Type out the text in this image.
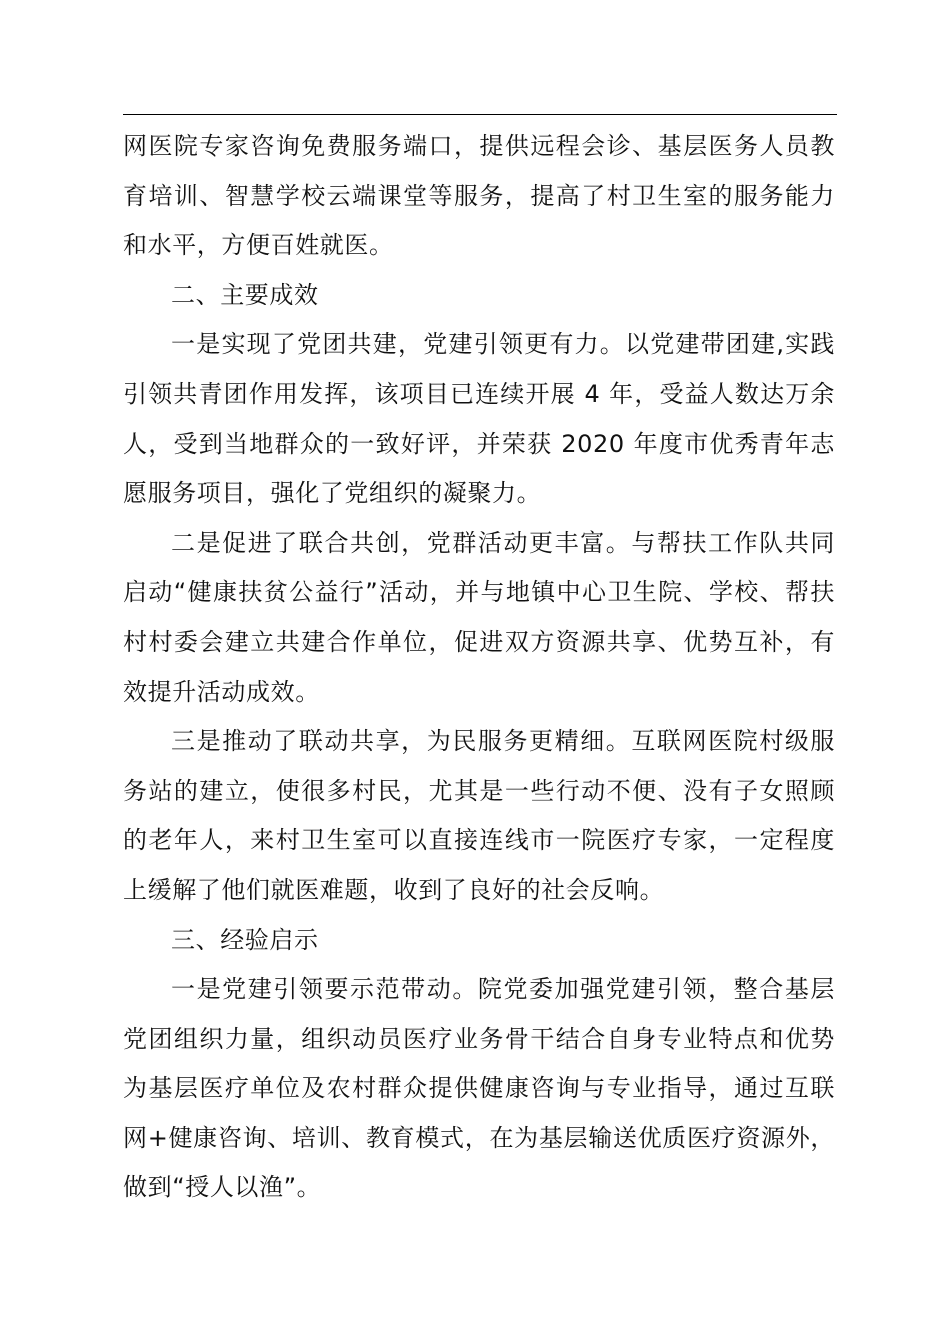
网医院专家咨询免费服务端口，提供远程会诊、基层医务人员教育培训、智慧学校云端课堂等服务，提高了村卫生室的服务能力和水平，方便百姓就医。

二、主要成效

一是实现了党团共建，党建引领更有力。以党建带团建,实践引领共青团作用发挥，该项目已连续开展 4 年，受益人数达万余人，受到当地群众的一致好评，并荣获 2020 年度市优秀青年志愿服务项目，强化了党组织的凝聚力。

二是促进了联合共创，党群活动更丰富。与帮扶工作队共同启动“健康扶贫公益行”活动，并与地镇中心卫生院、学校、帮扶村村委会建立共建合作单位，促进双方资源共享、优势互补，有效提升活动成效。

三是推动了联动共享，为民服务更精细。互联网医院村级服务站的建立，使很多村民，尤其是一些行动不便、没有子女照顾的老年人，来村卫生室可以直接连线市一院医疗专家，一定程度上缓解了他们就医难题，收到了良好的社会反响。

三、经验启示

一是党建引领要示范带动。院党委加强党建引领，整合基层党团组织力量，组织动员医疗业务骨干结合自身专业特点和优势为基层医疗单位及农村群众提供健康咨询与专业指导，通过互联网+健康咨询、培训、教育模式，在为基层输送优质医疗资源外，做到“授人以渔”。
